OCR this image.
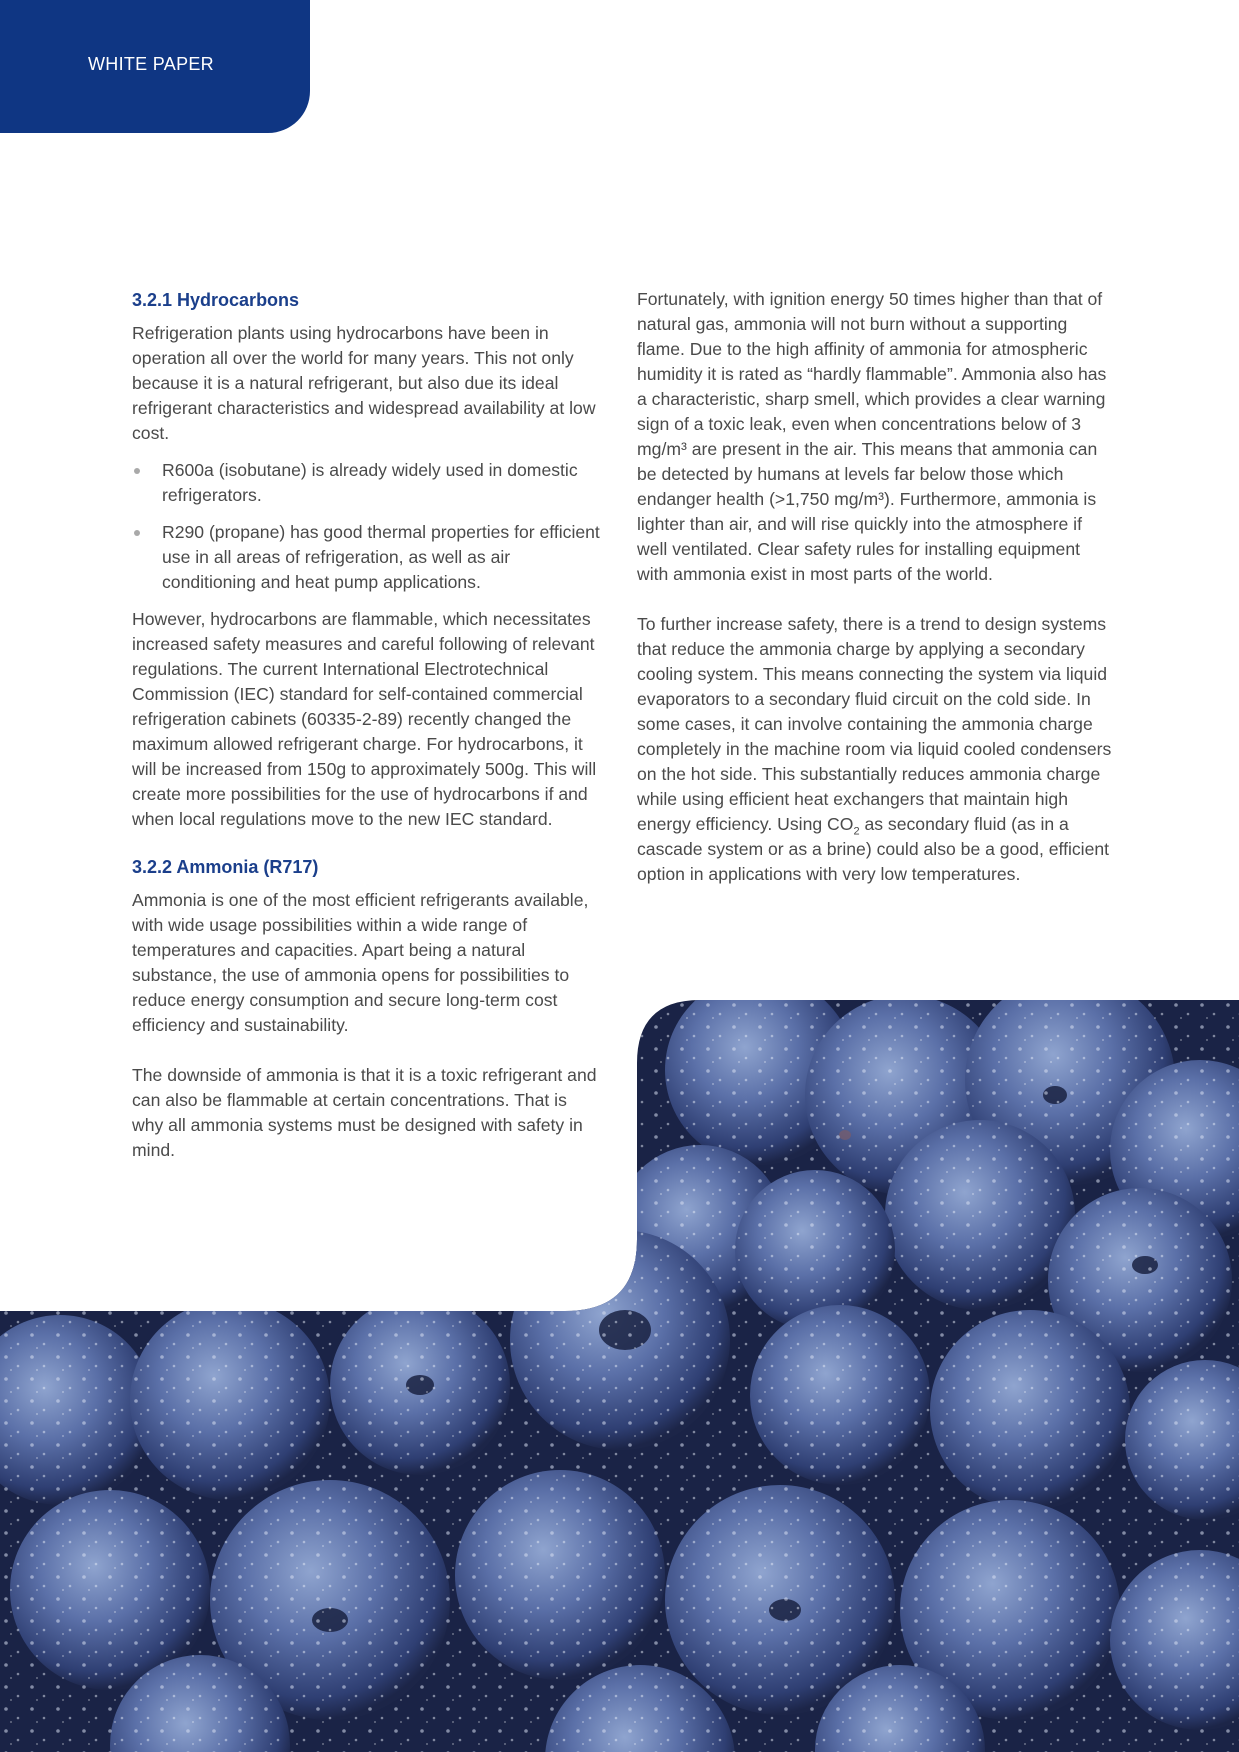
WHITE PAPER
3.2.1 Hydrocarbons

Refrigeration plants using hydrocarbons have been in operation all over the world for many years. This not only because it is a natural refrigerant, but also due its ideal refrigerant characteristics and widespread availability at low cost.

R600a (isobutane) is already widely used in domestic refrigerators.
R290 (propane) has good thermal properties for efficient use in all areas of refrigeration, as well as air conditioning and heat pump applications.

However, hydrocarbons are flammable, which necessitates increased safety measures and careful following of relevant regulations. The current International Electrotechnical Commission (IEC) standard for self-contained commercial refrigeration cabinets (60335-2-89) recently changed the maximum allowed refrigerant charge. For hydrocarbons, it will be increased from 150g to approximately 500g. This will create more possibilities for the use of hydrocarbons if and when local regulations move to the new IEC standard.

3.2.2 Ammonia (R717)

Ammonia is one of the most efficient refrigerants available, with wide usage possibilities within a wide range of temperatures and capacities. Apart being a natural substance, the use of ammonia opens for possibilities to reduce energy consumption and secure long-term cost efficiency and sustainability.

The downside of ammonia is that it is a toxic refrigerant and can also be flammable at certain concentrations. That is why all ammonia systems must be designed with safety in mind.

Fortunately, with ignition energy 50 times higher than that of natural gas, ammonia will not burn without a supporting flame. Due to the high affinity of ammonia for atmospheric humidity it is rated as “hardly flammable”. Ammonia also has a characteristic, sharp smell, which provides a clear warning sign of a toxic leak, even when concentrations below of 3 mg/m³ are present in the air. This means that ammonia can be detected by humans at levels far below those which endanger health (>1,750 mg/​m³). Furthermore, ammonia is lighter than air, and will rise quickly into the atmosphere if well ventilated. Clear safety rules for installing equipment with ammonia exist in most parts of the world.

To further increase safety, there is a trend to design systems that reduce the ammonia charge by applying a secondary cooling system. This means connecting the system via liquid evaporators to a secondary fluid circuit on the cold side. In some cases, it can involve containing the ammonia charge completely in the machine room via liquid cooled condensers on the hot side. This substantially reduces ammonia charge while using efficient heat exchangers that maintain high energy efficiency. Using $CO_2$ as secondary fluid (as in a cascade system or as a brine) could also be a good, efficient option in applications with very low temperatures.
